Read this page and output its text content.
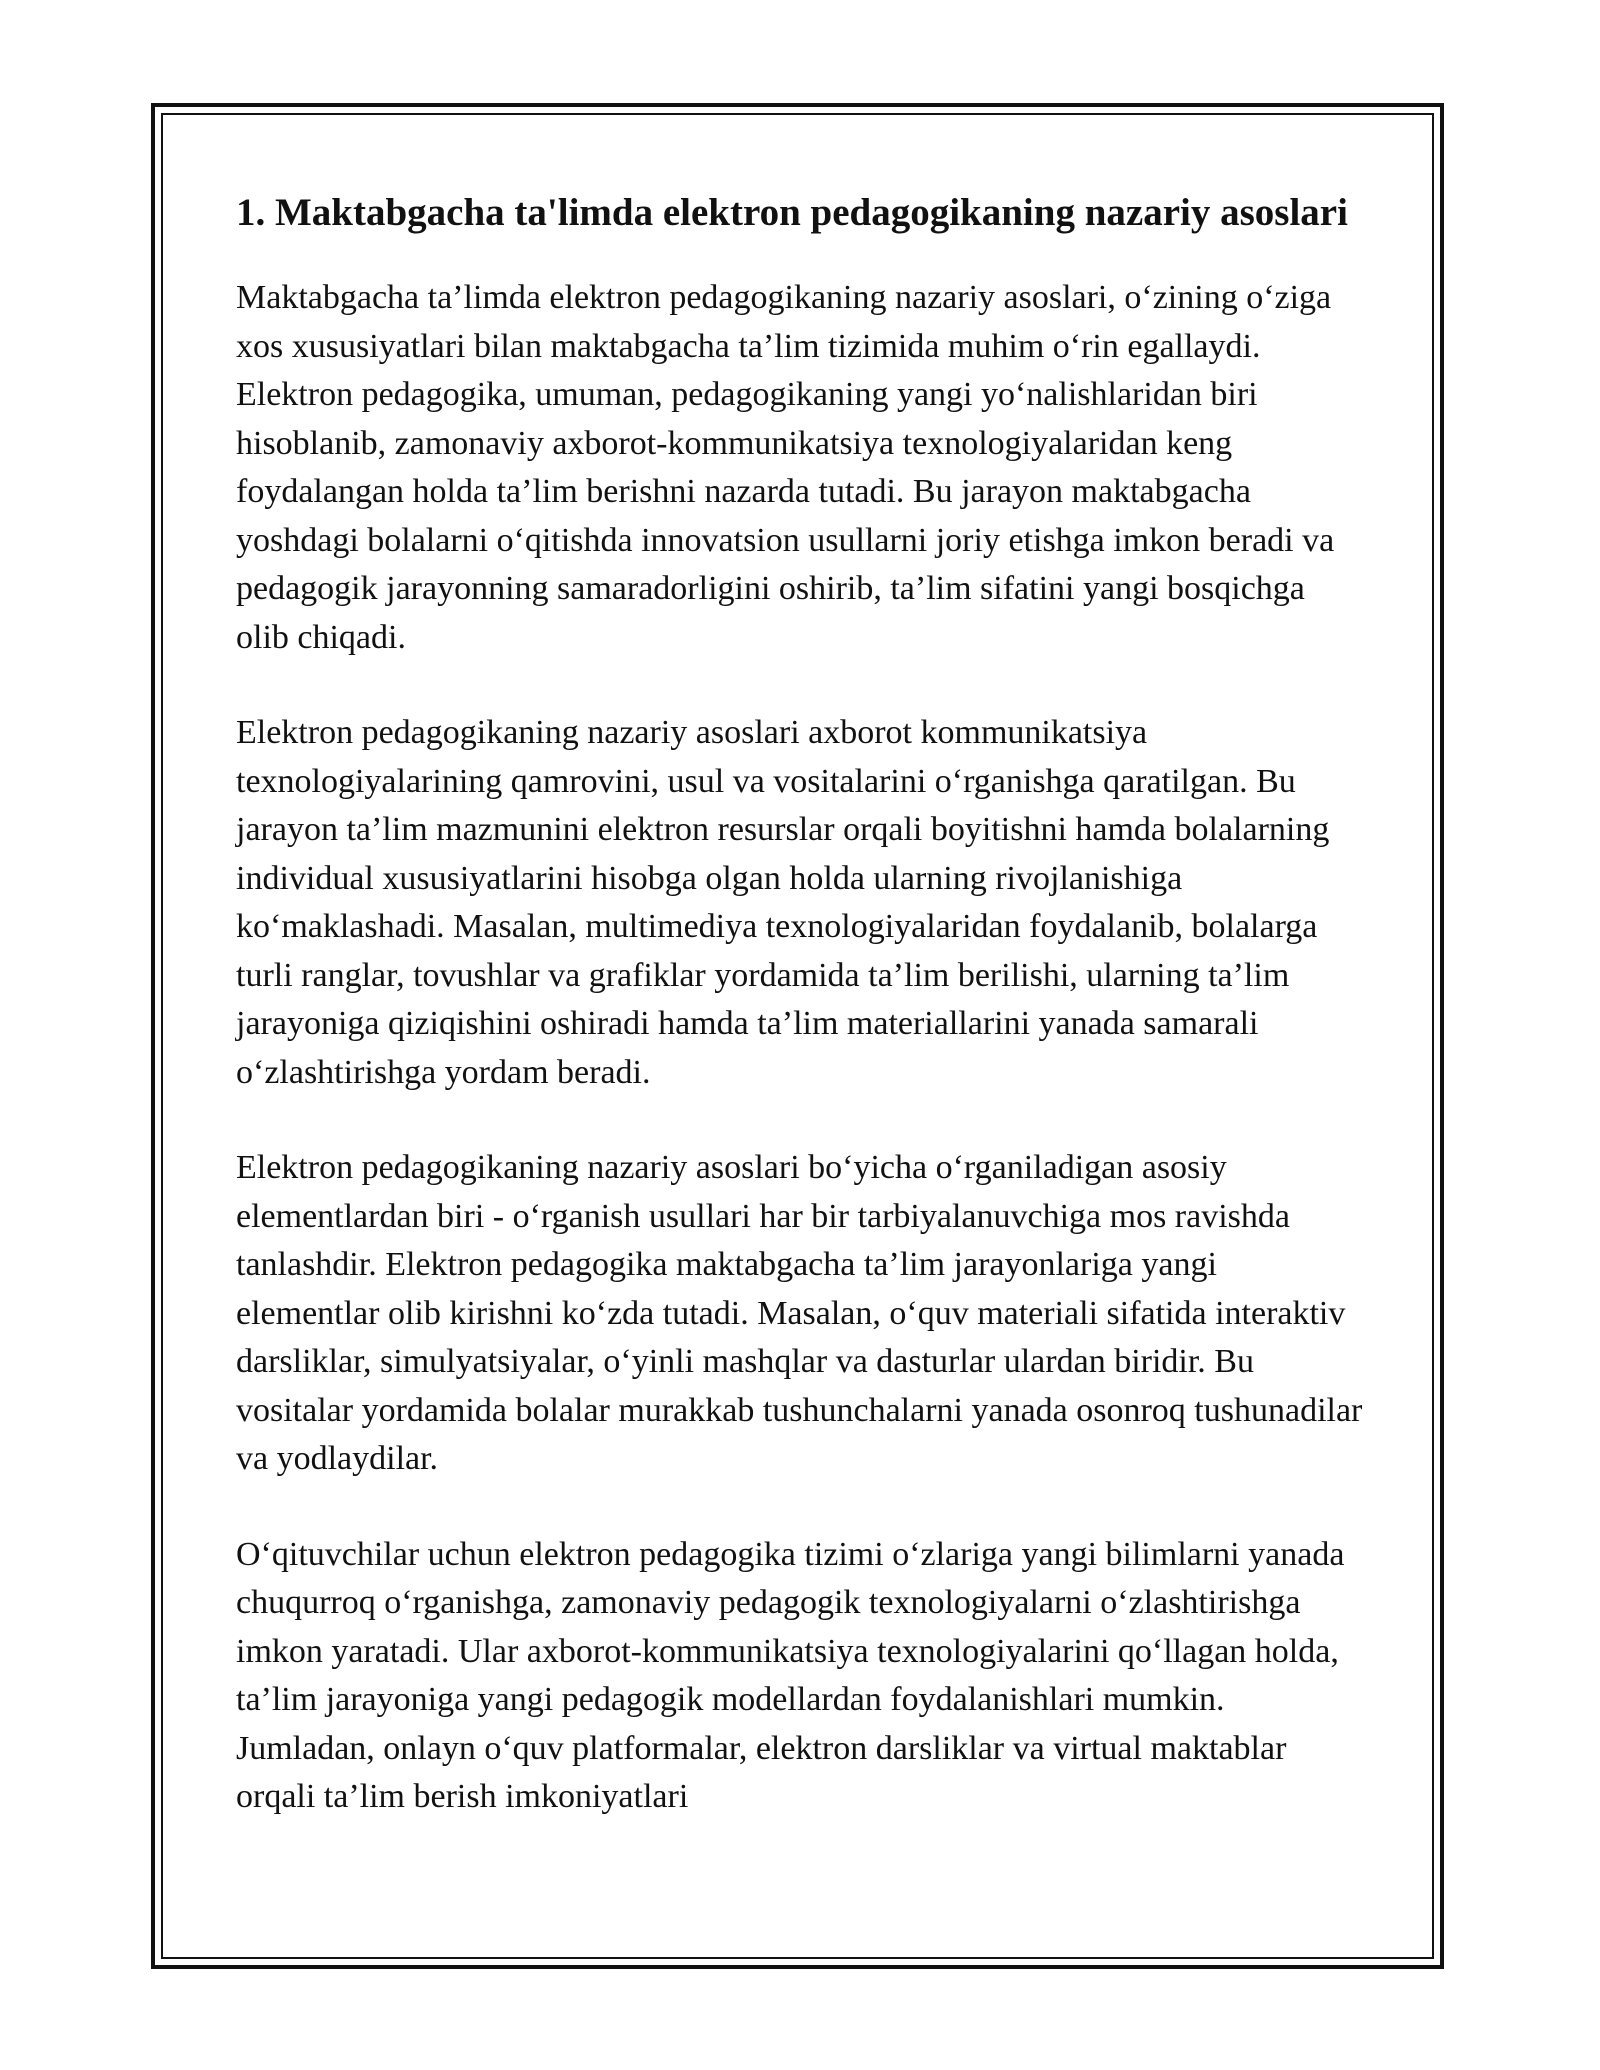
1. Maktabgacha ta'limda elektron pedagogikaning nazariy asoslari

Maktabgacha ta’limda elektron pedagogikaning nazariy asoslari, o‘zining o‘ziga xos xususiyatlari bilan maktabgacha ta’lim tizimida muhim o‘rin egallaydi. Elektron pedagogika, umuman, pedagogikaning yangi yo‘nalishlaridan biri hisoblanib, zamonaviy axborot-kommunikatsiya texnologiyalaridan keng foydalangan holda ta’lim berishni nazarda tutadi. Bu jarayon maktabgacha yoshdagi bolalarni o‘qitishda innovatsion usullarni joriy etishga imkon beradi va pedagogik jarayonning samaradorligini oshirib, ta’lim sifatini yangi bosqichga olib chiqadi.

Elektron pedagogikaning nazariy asoslari axborot kommunikatsiya texnologiyalarining qamrovini, usul va vositalarini o‘rganishga qaratilgan. Bu jarayon ta’lim mazmunini elektron resurslar orqali boyitishni hamda bolalarning individual xususiyatlarini hisobga olgan holda ularning rivojlanishiga ko‘maklashadi. Masalan, multimediya texnologiyalaridan foydalanib, bolalarga turli ranglar, tovushlar va grafiklar yordamida ta’lim berilishi, ularning ta’lim jarayoniga qiziqishini oshiradi hamda ta’lim materiallarini yanada samarali o‘zlashtirishga yordam beradi.

Elektron pedagogikaning nazariy asoslari bo‘yicha o‘rganiladigan asosiy elementlardan biri - o‘rganish usullari har bir tarbiyalanuvchiga mos ravishda tanlashdir. Elektron pedagogika maktabgacha ta’lim jarayonlariga yangi elementlar olib kirishni ko‘zda tutadi. Masalan, o‘quv materiali sifatida interaktiv darsliklar, simulyatsiyalar, o‘yinli mashqlar va dasturlar ulardan biridir. Bu vositalar yordamida bolalar murakkab tushunchalarni yanada osonroq tushunadilar va yodlaydilar.

O‘qituvchilar uchun elektron pedagogika tizimi o‘zlariga yangi bilimlarni yanada chuqurroq o‘rganishga, zamonaviy pedagogik texnologiyalarni o‘zlashtirishga imkon yaratadi. Ular axborot-kommunikatsiya texnologiyalarini qo‘llagan holda, ta’lim jarayoniga yangi pedagogik modellardan foydalanishlari mumkin. Jumladan, onlayn o‘quv platformalar, elektron darsliklar va virtual maktablar orqali ta’lim berish imkoniyatlari
